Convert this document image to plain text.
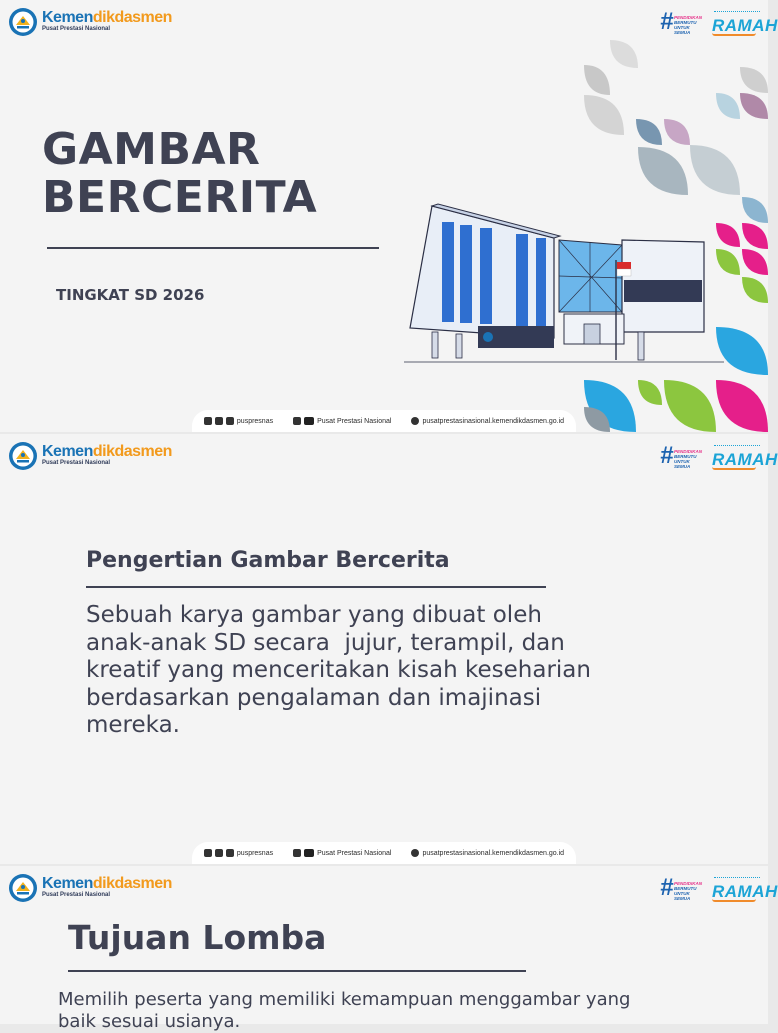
Kemendikdasmen
Pusat Prestasi Nasional	# PENDIDIKAN
BERMUTU
UNTUK SEMUA	RAMAH
GAMBAR
BERCERITA
TINGKAT SD 2026
puspresnas	Pusat Prestasi Nasional	pusatprestasinasional.kemendikdasmen.go.id
Kemendikdasmen
Pusat Prestasi Nasional	# PENDIDIKAN
BERMUTU
UNTUK SEMUA	RAMAH
Pengertian Gambar Bercerita
Sebuah karya gambar yang dibuat oleh
anak-anak SD secara  jujur, terampil, dan
kreatif yang menceritakan kisah keseharian
berdasarkan pengalaman dan imajinasi
mereka.
puspresnas	Pusat Prestasi Nasional	pusatprestasinasional.kemendikdasmen.go.id
Kemendikdasmen
Pusat Prestasi Nasional	# PENDIDIKAN
BERMUTU
UNTUK SEMUA	RAMAH
Tujuan Lomba
Memilih peserta yang memiliki kemampuan menggambar yang
baik sesuai usianya.
